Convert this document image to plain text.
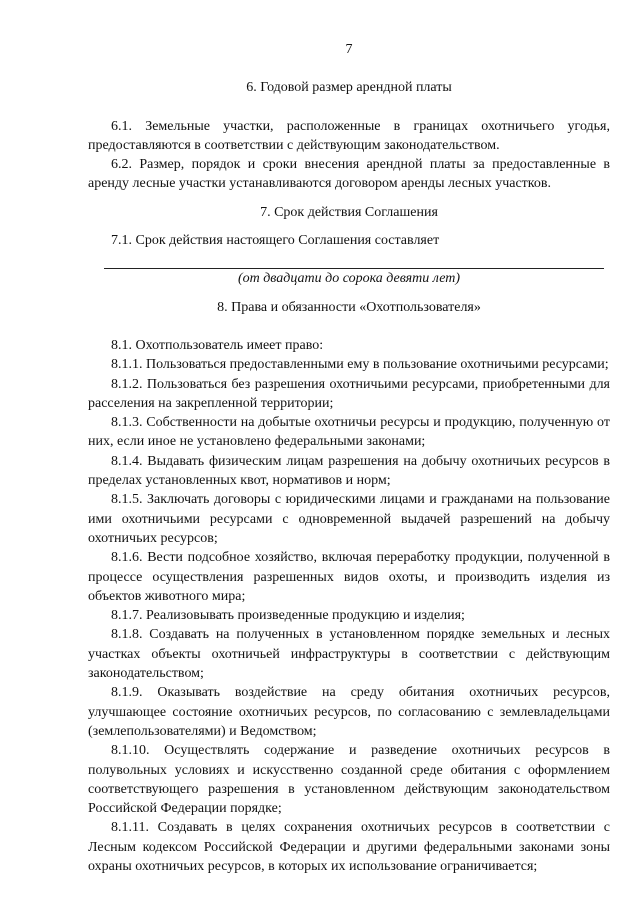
7
6. Годовой размер арендной платы

6.1. Земельные участки, расположенные в границах охотничьего угодья, предоставляются в соответствии с действующим законодательством.

6.2. Размер, порядок и сроки внесения арендной платы за предоставленные в аренду лесные участки устанавливаются договором аренды лесных участков.

7. Срок действия Соглашения

7.1. Срок действия настоящего Соглашения составляет

(от двадцати до сорока девяти лет)
8. Права и обязанности «Охотпользователя»

8.1. Охотпользователь имеет право:

8.1.1. Пользоваться предоставленными ему в пользование охотничьими ресурсами;

8.1.2. Пользоваться без разрешения охотничьими ресурсами, приобретенными для расселения на закрепленной территории;

8.1.3. Собственности на добытые охотничьи ресурсы и продукцию, полученную от них, если иное не установлено федеральными законами;

8.1.4. Выдавать физическим лицам разрешения на добычу охотничьих ресурсов в пределах установленных квот, нормативов и норм;

8.1.5. Заключать договоры с юридическими лицами и гражданами на пользование ими охотничьими ресурсами с одновременной выдачей разрешений на добычу охотничьих ресурсов;

8.1.6. Вести подсобное хозяйство, включая переработку продукции, полученной в процессе осуществления разрешенных видов охоты, и производить изделия из объектов животного мира;

8.1.7. Реализовывать произведенные продукцию и изделия;

8.1.8. Создавать на полученных в установленном порядке земельных и лесных участках объекты охотничьей инфраструктуры в соответствии с действующим законодательством;

8.1.9. Оказывать воздействие на среду обитания охотничьих ресурсов, улучшающее состояние охотничьих ресурсов, по согласованию с землевладельцами (землепользователями) и Ведомством;

8.1.10. Осуществлять содержание и разведение охотничьих ресурсов в полувольных условиях и искусственно созданной среде обитания с оформлением соответствующего разрешения в установленном действующим законодательством Российской Федерации порядке;

8.1.11. Создавать в целях сохранения охотничьих ресурсов в соответствии с Лесным кодексом Российской Федерации и другими федеральными законами зоны охраны охотничьих ресурсов, в которых их использование ограничивается;
